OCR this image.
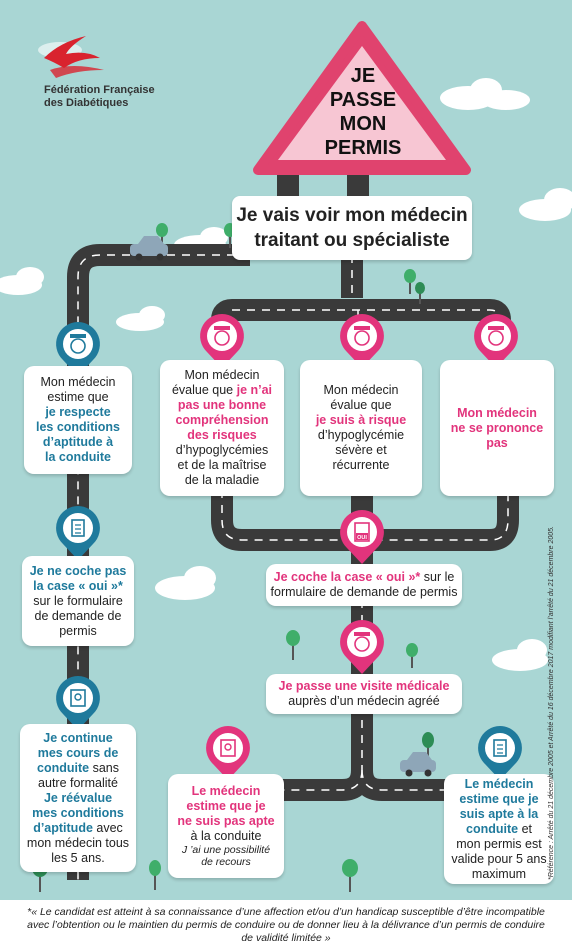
Fédération Française
des Diabétiques
JE
PASSE
MON
PERMIS
Je vais voir mon médecin
traitant ou spécialiste
OUI
Mon médecin
estime que
je respecte
les conditions
d’aptitude à
la conduite
Je ne coche pas
la case « oui »*
sur le formulaire
de demande de
permis
Je continue
mes cours de
conduite sans
autre formalité
Je réévalue
mes conditions
d’aptitude avec
mon médecin tous
les 5 ans.
Mon médecin
évalue que je n’ai
pas une bonne
compréhension
des risques
d’hypoglycémies
et de la maîtrise
de la maladie
Mon médecin
évalue que
je suis à risque
d’hypoglycémie
sévère et
récurrente
Mon médecin
ne se prononce
pas
Je coche la case « oui »* sur le
formulaire de demande de permis
Je passe une visite médicale
auprès d’un médecin agréé
Le médecin
estime que je
ne suis pas apte
à la conduite
J ’ai une possibilité
de recours
Le médecin
estime que je
suis apte à la
conduite et
mon permis est
valide pour 5 ans
maximum	*Référence : Arrêté du 21 décembre 2005 et Arrêté du 16 décembre 2017 modifiant l’arrêté du 21 décembre 2005.
*« Le candidat est atteint à sa connaissance d’une affection et/ou d’un handicap susceptible d’être incompatible
avec l’obtention ou le maintien du permis de conduire ou de donner lieu à la délivrance d’un permis de conduire
de validité limitée »
